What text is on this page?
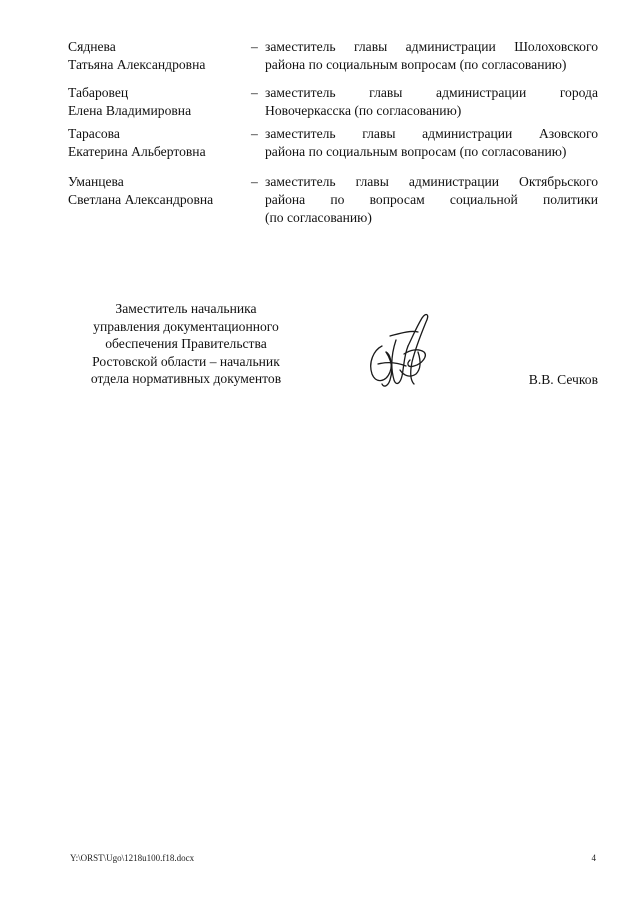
Сяднева
Татьяна Александровна
– заместитель главы администрации Шолоховского
района по социальным вопросам (по согласованию)
Табаровец
Елена Владимировна
– заместитель главы администрации города
Новочеркасска (по согласованию)
Тарасова
Екатерина Альбертовна
– заместитель главы администрации Азовского
района по социальным вопросам (по согласованию)
Уманцева
Светлана Александровна
– заместитель главы администрации Октябрьского
района по вопросам социальной политики
(по согласованию)
Заместитель начальника
управления документационного
обеспечения Правительства
Ростовской области – начальник
отдела нормативных документов	В.В. Сечков
Y:\ORST\Ugo\1218u100.f18.docx	4
